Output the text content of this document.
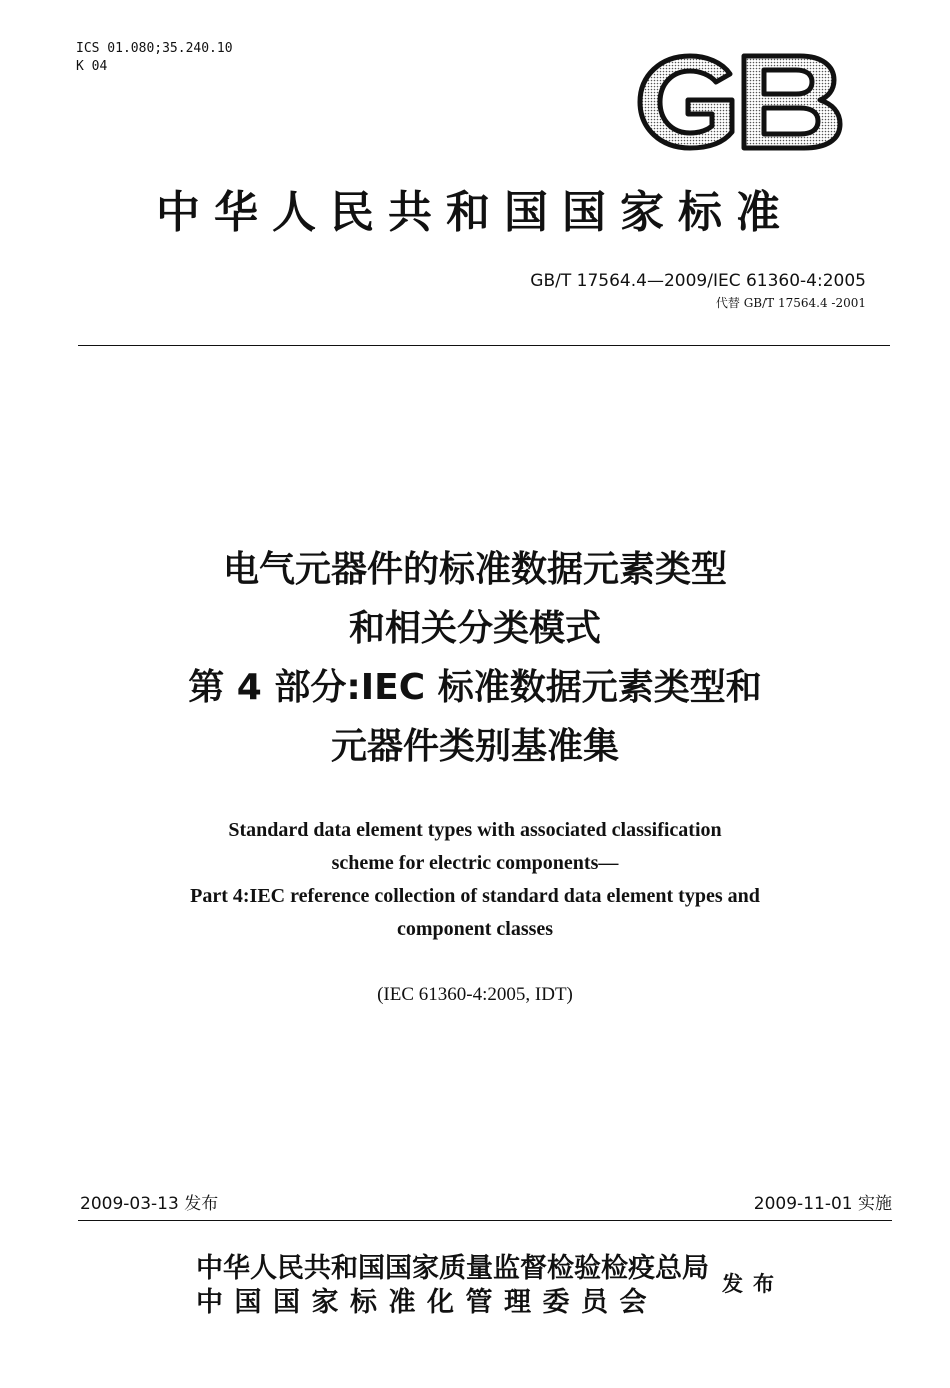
ICS 01.080;35.240.10
K 04
中华人民共和国国家标准
GB/T 17564.4—2009/IEC 61360-4:2005
代替 GB/T 17564.4 -2001
电气元器件的标准数据元素类型
和相关分类模式
第 4 部分:IEC 标准数据元素类型和
元器件类别基准集
Standard data element types with associated classification
scheme for electric components—
Part 4:IEC reference collection of standard data element types and
component classes
(IEC 61360-4:2005, IDT)
2009-03-13 发布	2009-11-01 实施
中华人民共和国国家质量监督检验检疫总局
中国国家标准化管理委员会
发布
